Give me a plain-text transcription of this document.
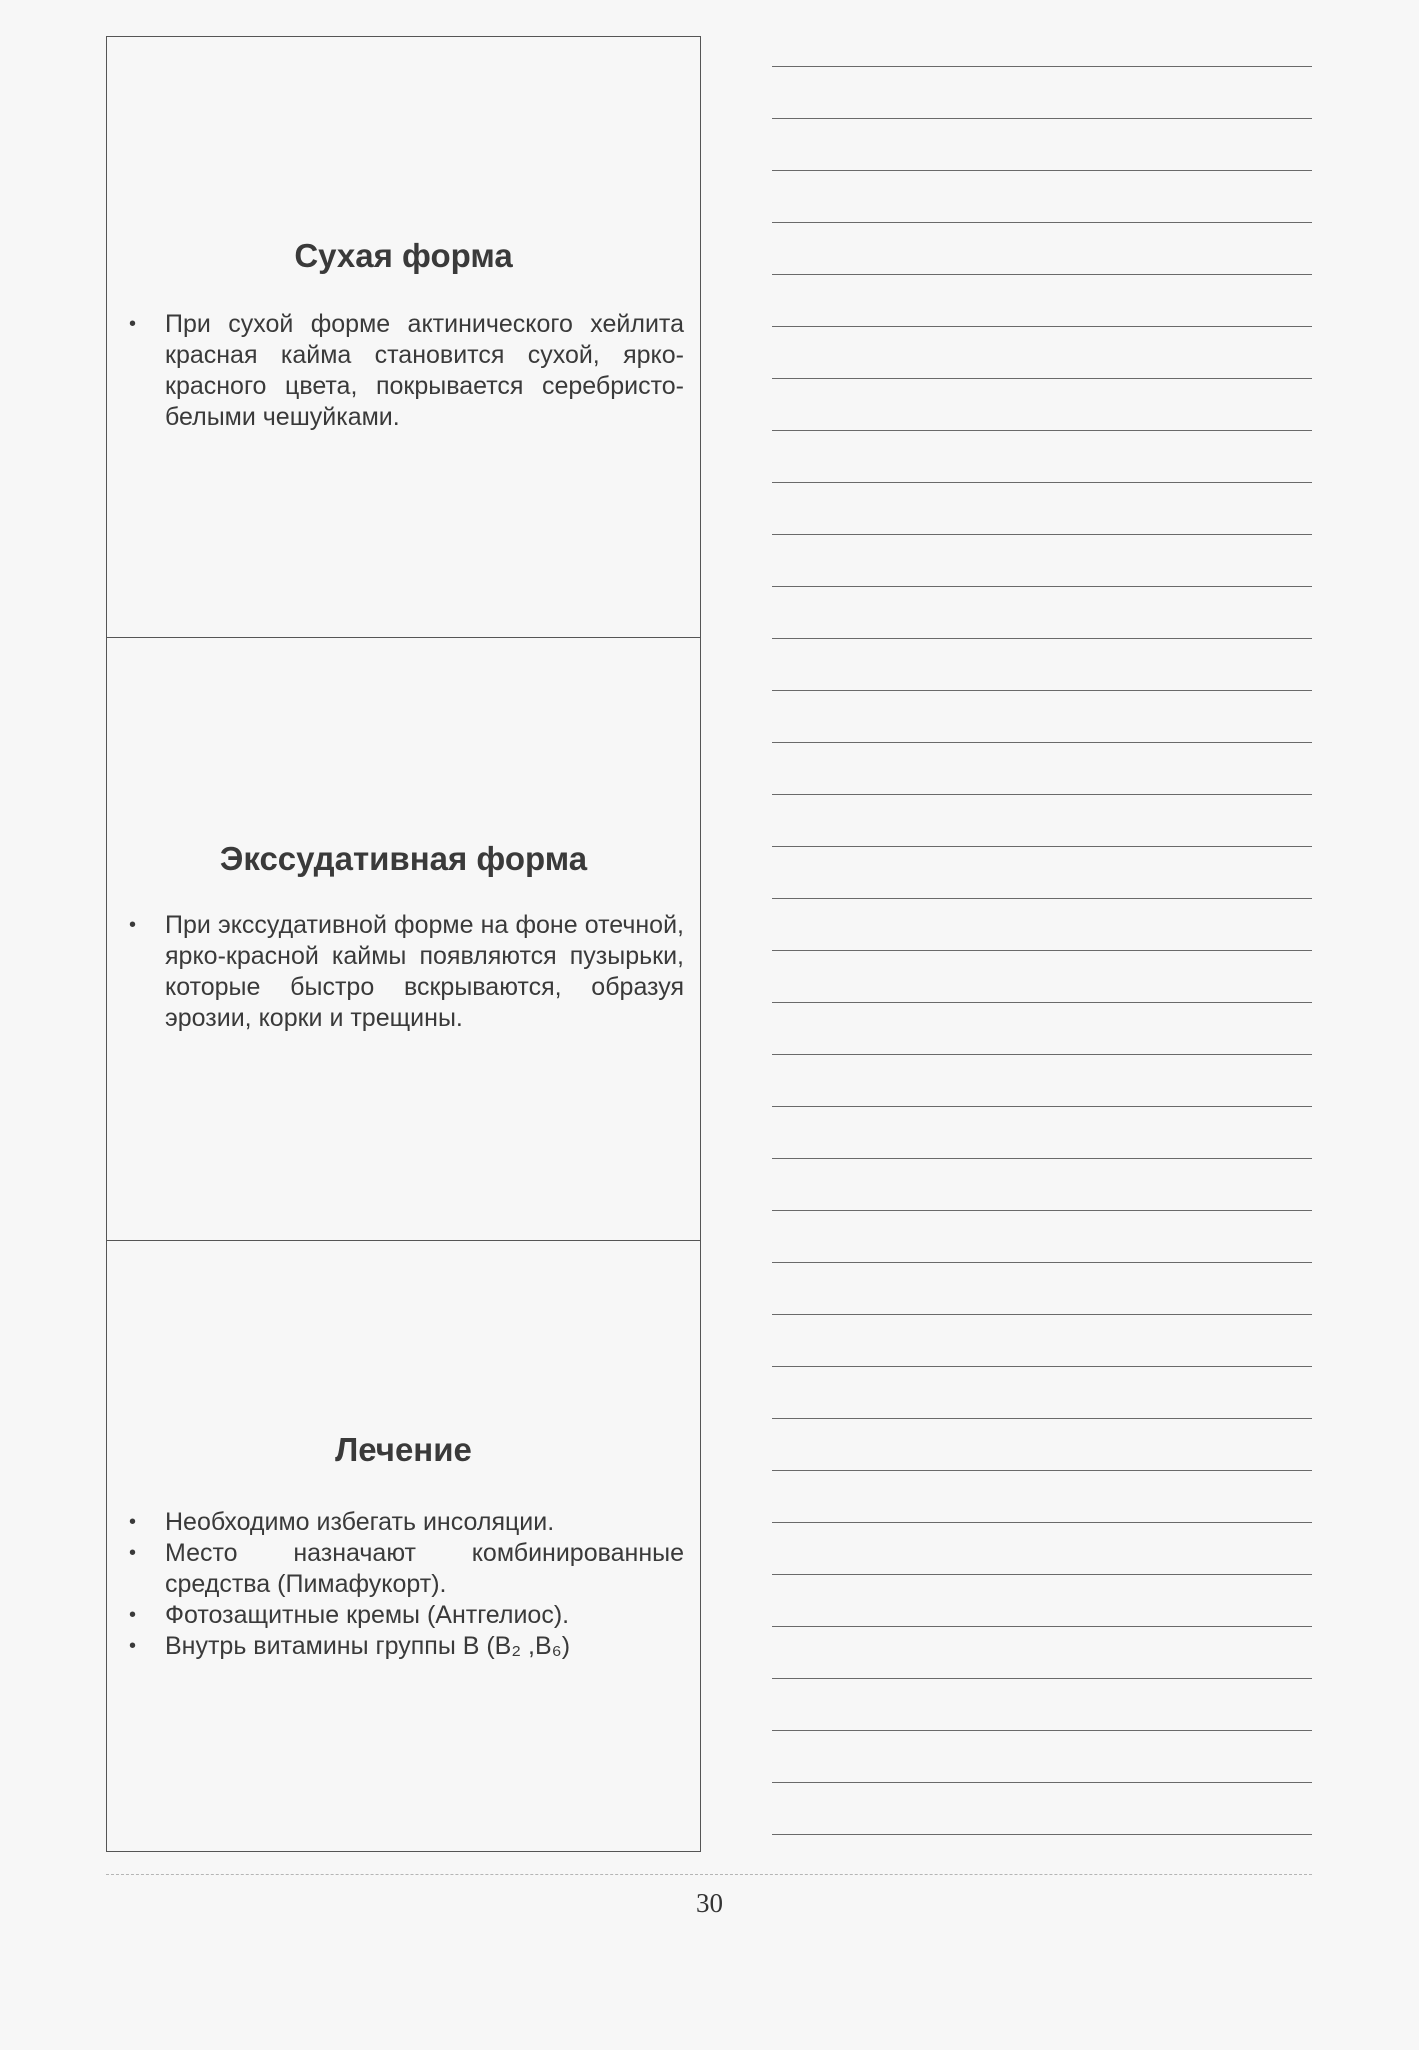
Сухая форма
• При сухой форме актинического хейлита красная кайма становится сухой, ярко-красного цвета, покрывается серебристо-белыми чешуйками.
Экссудативная форма
• При экссудативной форме на фоне отечной, ярко-красной каймы появляются пузырьки, которые быстро вскрываются, образуя эрозии, корки и трещины.
Лечение
• Необходимо избегать инсоляции.
• Место назначают комбинированные средства (Пимафукорт).
• Фотозащитные кремы (Антгелиос).
• Внутрь витамины группы B (B₂ ,B₆)
30
